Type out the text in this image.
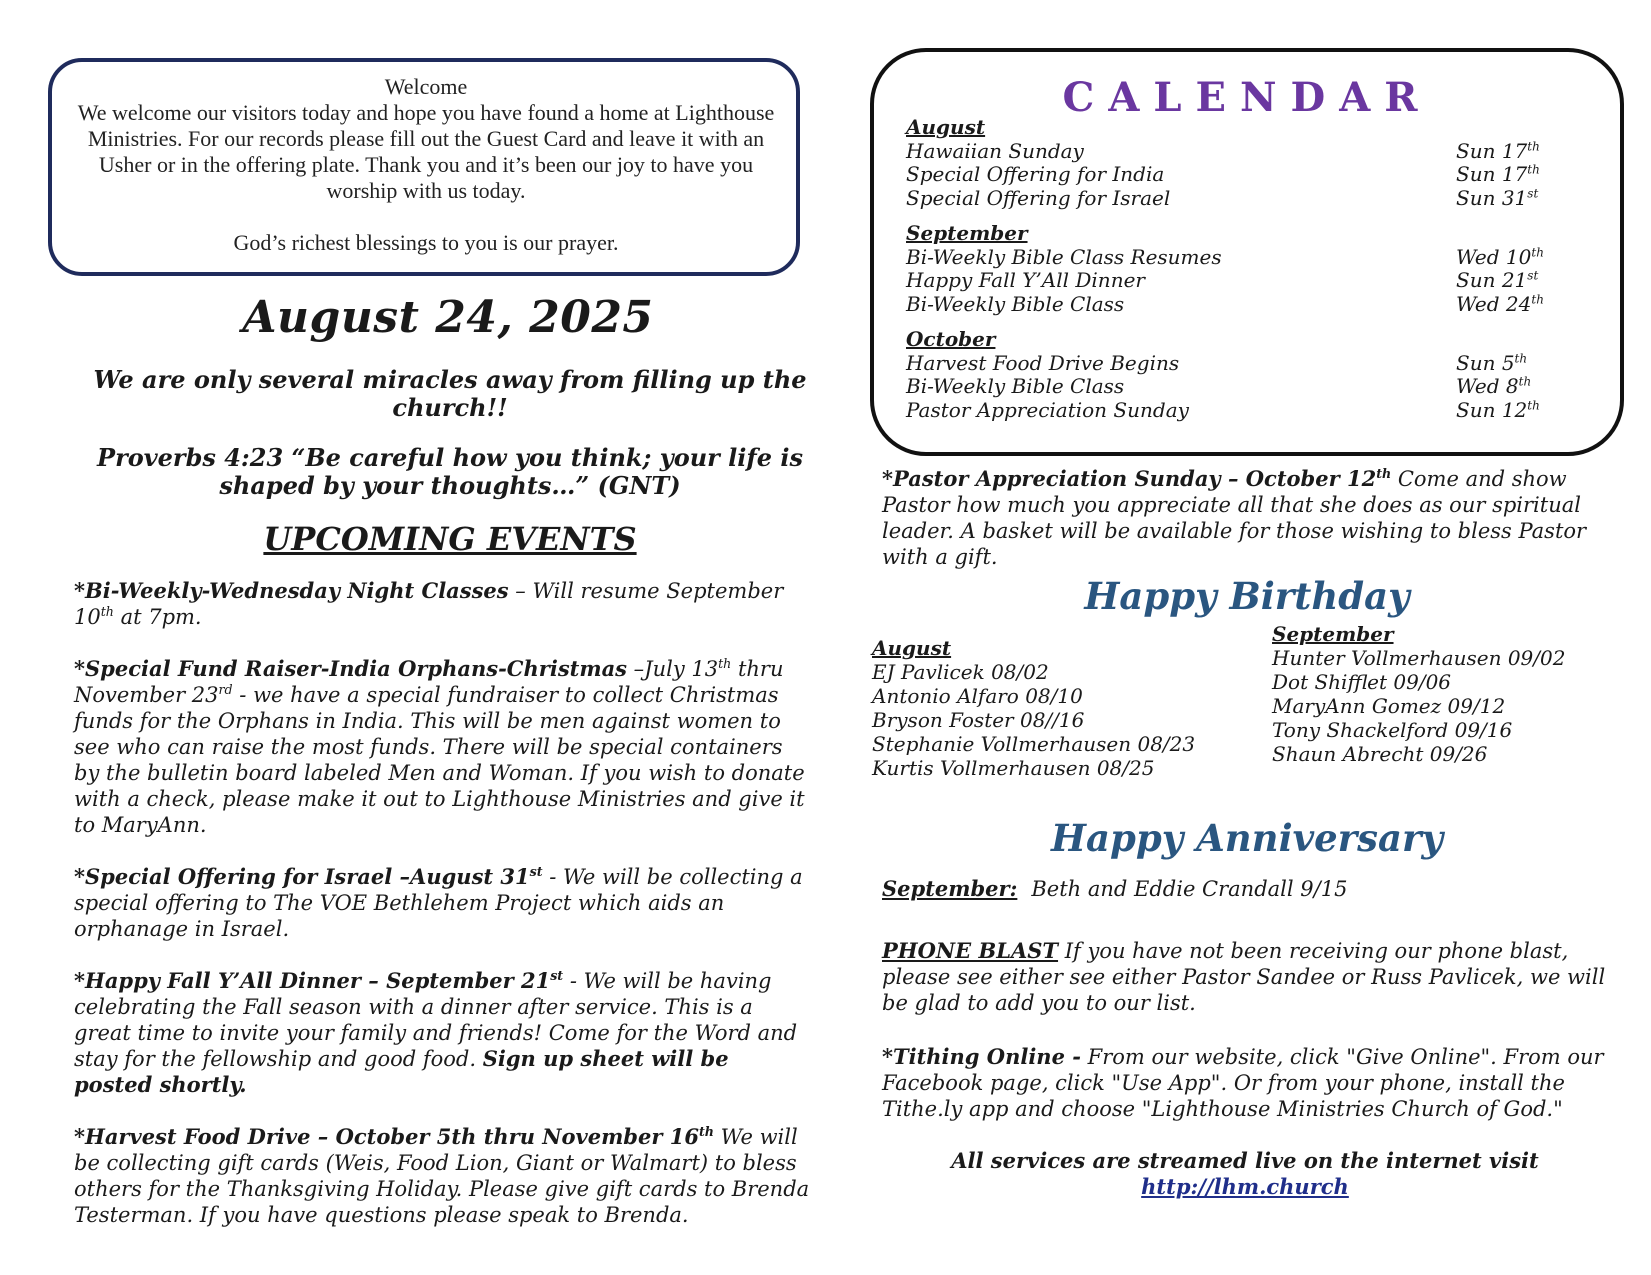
Welcome
We welcome our visitors today and hope you have found a home at Lighthouse Ministries. For our records please fill out the Guest Card and leave it with an Usher or in the offering plate. Thank you and it’s been our joy to have you worship with us today.
God’s richest blessings to you is our prayer.
August 24, 2025
We are only several miracles away from filling up the church!!
Proverbs 4:23 “Be careful how you think; your life is shaped by your thoughts…” (GNT)
UPCOMING EVENTS

*Bi-Weekly-Wednesday Night Classes – Will resume September 10th at 7pm.

*Special Fund Raiser-India Orphans-Christmas –July 13th thru November 23rd - we have a special fundraiser to collect Christmas funds for the Orphans in India. This will be men against women to see who can raise the most funds. There will be special containers by the bulletin board labeled Men and Woman. If you wish to donate with a check, please make it out to Lighthouse Ministries and give it to MaryAnn.

*Special Offering for Israel –August 31st - We will be collecting a special offering to The VOE Bethlehem Project which aids an orphanage in Israel.

*Happy Fall Y’All Dinner – September 21st - We will be having celebrating the Fall season with a dinner after service. This is a great time to invite your family and friends! Come for the Word and stay for the fellowship and good food. Sign up sheet will be posted shortly.

*Harvest Food Drive – October 5th thru November 16th We will be collecting gift cards (Weis, Food Lion, Giant or Walmart) to bless others for the Thanksgiving Holiday. Please give gift cards to Brenda Testerman. If you have questions please speak to Brenda.

CALENDAR
August
Hawaiian Sunday	Sun 17th
Special Offering for India	Sun 17th
Special Offering for Israel	Sun 31st
September
Bi-Weekly Bible Class Resumes	Wed 10th
Happy Fall Y’All Dinner	Sun 21st
Bi-Weekly Bible Class	Wed 24th
October
Harvest Food Drive Begins	Sun 5th
Bi-Weekly Bible Class	Wed 8th
Pastor Appreciation Sunday	Sun 12th
*Pastor Appreciation Sunday – October 12th Come and show Pastor how much you appreciate all that she does as our spiritual leader. A basket will be available for those wishing to bless Pastor with a gift.
Happy Birthday
August
EJ Pavlicek 08/02
Antonio Alfaro 08/10
Bryson Foster 08//16
Stephanie Vollmerhausen 08/23
Kurtis Vollmerhausen 08/25
September
Hunter Vollmerhausen 09/02
Dot Shifflet 09/06
MaryAnn Gomez 09/12
Tony Shackelford 09/16
Shaun Abrecht 09/26
Happy Anniversary
September: Beth and Eddie Crandall 9/15
PHONE BLAST If you have not been receiving our phone blast, please see either see either Pastor Sandee or Russ Pavlicek, we will be glad to add you to our list.
*Tithing Online - From our website, click "Give Online". From our Facebook page, click "Use App". Or from your phone, install the Tithe.ly app and choose "Lighthouse Ministries Church of God."
All services are streamed live on the internet visit
http://lhm.church
